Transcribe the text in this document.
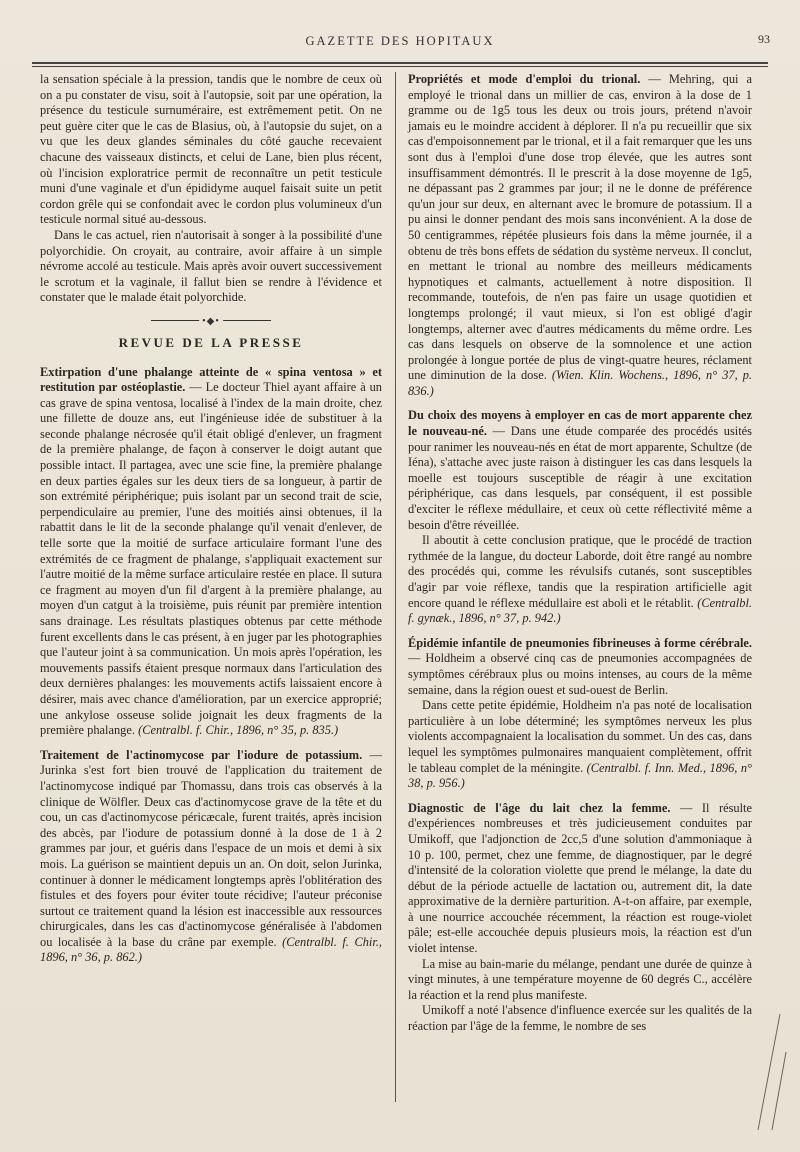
GAZETTE DES HOPITAUX	93

la sensation spéciale à la pression, tandis que le nombre de ceux où on a pu constater de visu, soit à l'autopsie, soit par une opération, la présence du testicule surnuméraire, est extrêmement petit. On ne peut guère citer que le cas de Blasius, où, à l'autopsie du sujet, on a vu que les deux glandes séminales du côté gauche recevaient chacune des vaisseaux distincts, et celui de Lane, bien plus récent, où l'incision exploratrice permit de reconnaître un petit testicule muni d'une vaginale et d'un épididyme auquel faisait suite un petit cordon grêle qui se confondait avec le cordon plus volumineux d'un testicule normal situé au-dessous.

Dans le cas actuel, rien n'autorisait à songer à la possibilité d'une polyorchidie. On croyait, au contraire, avoir affaire à un simple névrome accolé au testicule. Mais après avoir ouvert successivement le scrotum et la vaginale, il fallut bien se rendre à l'évidence et constater que le malade était polyorchide.

•◆•
REVUE DE LA PRESSE

Extirpation d'une phalange atteinte de « spina ventosa » et restitution par ostéoplastie. — Le docteur Thiel ayant affaire à un cas grave de spina ventosa, localisé à l'index de la main droite, chez une fillette de douze ans, eut l'ingénieuse idée de substituer à la seconde phalange nécrosée qu'il était obligé d'enlever, un fragment de la première phalange, de façon à conserver le doigt autant que possible intact. Il partagea, avec une scie fine, la première phalange en deux parties égales sur les deux tiers de sa longueur, à partir de son extrémité périphérique; puis isolant par un second trait de scie, perpendiculaire au premier, l'une des moitiés ainsi obtenues, il la rabattit dans le lit de la seconde phalange qu'il venait d'enlever, de telle sorte que la moitié de surface articulaire formant l'une des extrémités de ce fragment de phalange, s'appliquait exactement sur l'autre moitié de la même surface articulaire restée en place. Il sutura ce fragment au moyen d'un fil d'argent à la première phalange, au moyen d'un catgut à la troisième, puis réunit par première intention sans drainage. Les résultats plastiques obtenus par cette méthode furent excellents dans le cas présent, à en juger par les photographies que l'auteur joint à sa communication. Un mois après l'opération, les mouvements passifs étaient presque normaux dans l'articulation des deux dernières phalanges: les mouvements actifs laissaient encore à désirer, mais avec chance d'amélioration, par un exercice approprié; une ankylose osseuse solide joignait les deux fragments de la première phalange. (Centralbl. f. Chir., 1896, n° 35, p. 835.)

Traitement de l'actinomycose par l'iodure de potassium. — Jurinka s'est fort bien trouvé de l'application du traitement de l'actinomycose indiqué par Thomassu, dans trois cas observés à la clinique de Wölfler. Deux cas d'actinomycose grave de la tête et du cou, un cas d'actinomycose péricæcale, furent traités, après incision des abcès, par l'iodure de potassium donné à la dose de 1 à 2 grammes par jour, et guéris dans l'espace de un mois et demi à six mois. La guérison se maintient depuis un an. On doit, selon Jurinka, continuer à donner le médicament longtemps après l'oblitération des fistules et des foyers pour éviter toute récidive; l'auteur préconise surtout ce traitement quand la lésion est inaccessible aux ressources chirurgicales, dans les cas d'actinomycose généralisée à l'abdomen ou localisée à la base du crâne par exemple. (Centralbl. f. Chir., 1896, n° 36, p. 862.)

Propriétés et mode d'emploi du trional. — Mehring, qui a employé le trional dans un millier de cas, environ à la dose de 1 gramme ou de 1g5 tous les deux ou trois jours, prétend n'avoir jamais eu le moindre accident à déplorer. Il n'a pu recueillir que six cas d'empoisonnement par le trional, et il a fait remarquer que les uns sont dus à l'emploi d'une dose trop élevée, que les autres sont insuffisamment démontrés. Il le prescrit à la dose moyenne de 1g5, ne dépassant pas 2 grammes par jour; il ne le donne de préférence qu'un jour sur deux, en alternant avec le bromure de potassium. Il a pu ainsi le donner pendant des mois sans inconvénient. A la dose de 50 centigrammes, répétée plusieurs fois dans la même journée, il a obtenu de très bons effets de sédation du système nerveux. Il conclut, en mettant le trional au nombre des meilleurs médicaments hypnotiques et calmants, actuellement à notre disposition. Il recommande, toutefois, de n'en pas faire un usage quotidien et longtemps prolongé; il vaut mieux, si l'on est obligé d'agir longtemps, alterner avec d'autres médicaments du même ordre. Les cas dans lesquels on observe de la somnolence et une action prolongée à longue portée de plus de vingt-quatre heures, réclament une diminution de la dose. (Wien. Klin. Wochens., 1896, n° 37, p. 836.)

Du choix des moyens à employer en cas de mort apparente chez le nouveau-né. — Dans une étude comparée des procédés usités pour ranimer les nouveau-nés en état de mort apparente, Schultze (de Iéna), s'attache avec juste raison à distinguer les cas dans lesquels la moelle est toujours susceptible de réagir à une excitation périphérique, cas dans lesquels, par conséquent, il est possible d'exciter le réflexe médullaire, et ceux où cette réflectivité même a besoin d'être réveillée.

Il aboutit à cette conclusion pratique, que le procédé de traction rythmée de la langue, du docteur Laborde, doit être rangé au nombre des procédés qui, comme les révulsifs cutanés, sont susceptibles d'agir par voie réflexe, tandis que la respiration artificielle agit encore quand le réflexe médullaire est aboli et le rétablit. (Centralbl. f. gynæk., 1896, n° 37, p. 942.)

Épidémie infantile de pneumonies fibrineuses à forme cérébrale. — Holdheim a observé cinq cas de pneumonies accompagnées de symptômes cérébraux plus ou moins intenses, au cours de la même semaine, dans la région ouest et sud-ouest de Berlin.

Dans cette petite épidémie, Holdheim n'a pas noté de localisation particulière à un lobe déterminé; les symptômes nerveux les plus violents accompagnaient la localisation du sommet. Un des cas, dans lequel les symptômes pulmonaires manquaient complètement, offrit le tableau complet de la méningite. (Centralbl. f. Inn. Med., 1896, n° 38, p. 956.)

Diagnostic de l'âge du lait chez la femme. — Il résulte d'expériences nombreuses et très judicieusement conduites par Umikoff, que l'adjonction de 2cc,5 d'une solution d'ammoniaque à 10 p. 100, permet, chez une femme, de diagnostiquer, par le degré d'intensité de la coloration violette que prend le mélange, la date du début de la période actuelle de lactation ou, autrement dit, la date approximative de la dernière parturition. A-t-on affaire, par exemple, à une nourrice accouchée récemment, la réaction est rouge-violet pâle; est-elle accouchée depuis plusieurs mois, la réaction est d'un violet intense.

La mise au bain-marie du mélange, pendant une durée de quinze à vingt minutes, à une température moyenne de 60 degrés C., accélère la réaction et la rend plus manifeste.

Umikoff a noté l'absence d'influence exercée sur les qualités de la réaction par l'âge de la femme, le nombre de ses
